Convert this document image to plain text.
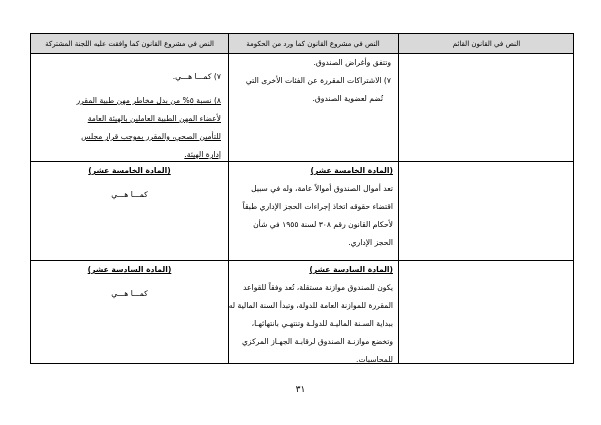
النص في مشروع القانون كما وافقت عليه اللجنة المشتركة	النص في مشروع القانون كما ورد من الحكومة	النص في القانون القائم
وتتفق وأغراض الصندوق.
٧) الاشتراكات المقررة عن الفئات الأخرى التي
تُضم لعضوية الصندوق.
٧) كمـــا هـــي.
٨) نسبة ٥% من بدل مخاطر مهن طبية المقرر
لأعضاء المهن الطبية العاملين بالهيئة العامة
للتأمين الصحي، والمقرر بموجب قرار مجلس
إدارة الهيئة.
(المادة الخامسة عشر)
تعد أموال الصندوق أموالاً عامة، وله في سبيل
اقتضاء حقوقه اتخاذ إجراءات الحجز الإداري طبقاً
لأحكام القانون رقم ٣٠٨ لسنة ١٩٥٥ في شأن
الحجز الإداري.
(المادة الخامسة عشر)
كمـــا هـــي
(المادة السادسة عشر)
يكون للصندوق موازنة مستقلة، تُعد وفقاً للقواعد
المقررة للموازنة العامة للدولة، وتبدأ السنة المالية له
ببداية السـنة الماليـة للدولـة وتنتهـي بانتهائهـا،
وتخضع موازنـة الصندوق لرقابـة الجهـاز المركزي
للمحاسبات.
(المادة السادسة عشر)
كمـــا هـــي
٣١
